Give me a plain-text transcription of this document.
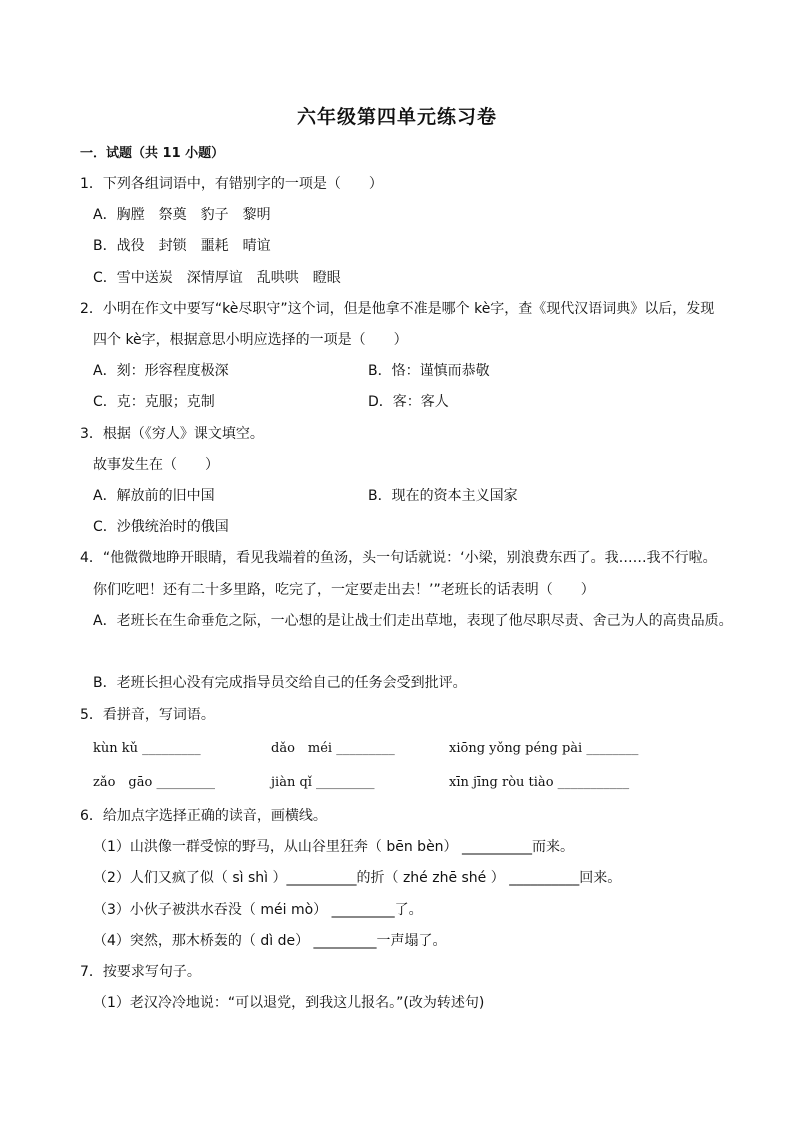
六年级第四单元练习卷
一．试题（共 11 小题）
1．下列各组词语中，有错别字的一项是（　　）
A．胸膛　祭奠　豹子　黎明
B．战役　封锁　噩耗　晴谊
C．雪中送炭　深情厚谊　乱哄哄　瞪眼
2．小明在作文中要写“kè尽职守”这个词，但是他拿不准是哪个 kè字，查《现代汉语词典》以后，发现
四个 kè字，根据意思小明应选择的一项是（　　）
A．刻：形容程度极深	B．恪：谨慎而恭敬
C．克：克服；克制	D．客：客人
3．根据（《穷人》课文填空。
故事发生在（　　）
A．解放前的旧中国	B．现在的资本主义国家
C．沙俄统治时的俄国
4．“他微微地睁开眼睛，看见我端着的鱼汤，头一句话就说：‘小梁，别浪费东西了。我……我不行啦。
你们吃吧！还有二十多里路，吃完了，一定要走出去！’”老班长的话表明（　　）
A．老班长在生命垂危之际，一心想的是让战士们走出草地，表现了他尽职尽责、舍己为人的高贵品质。
B．老班长担心没有完成指导员交给自己的任务会受到批评。
5．看拼音，写词语。
kùn kǔ _________	dǎo　méi _________	xiōng yǒng péng pài ________
zǎo　gāo _________	jiàn qǐ _________	xīn jīng ròu tiào ___________
6．给加点字选择正确的读音，画横线。
（1）山洪像一群受惊的野马，从山谷里狂奔（ bēn bèn） __________而来。
（2）人们又疯了似（ sì shì ）__________的折（ zhé zhē shé ） __________回来。
（3）小伙子被洪水吞没（ méi mò） _________了。
（4）突然，那木桥轰的（ dì de） _________一声塌了。
7．按要求写句子。
（1）老汉冷冷地说：“可以退党，到我这儿报名。”(改为转述句)
